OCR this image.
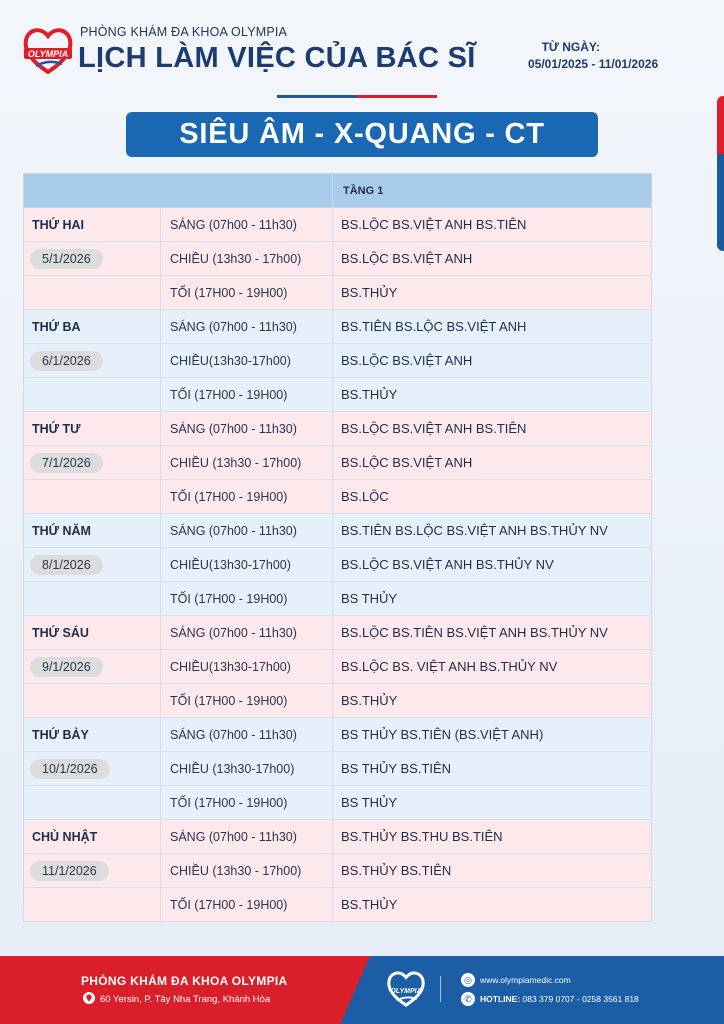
OLYMPIA
PHÒNG KHÁM ĐA KHOA OLYMPIA
LỊCH LÀM VIỆC CỦA BÁC SĨ	TỪ NGÀY:
05/01/2025 - 11/01/2026
SIÊU ÂM - X-QUANG - CT
TẦNG 1
THỨ HAI	SÁNG (07h00 - 11h30)	BS.LỘC BS.VIỆT ANH BS.TIÊN
5/1/2026	CHIỀU (13h30 - 17h00)	BS.LỘC BS.VIỆT ANH
TỐI (17H00 - 19H00)	BS.THỦY
THỨ BA	SÁNG (07h00 - 11h30)	BS.TIÊN BS.LỘC BS.VIỆT ANH
6/1/2026	CHIỀU(13h30-17h00)	BS.LỘC BS.VIỆT ANH
TỐI (17H00 - 19H00)	BS.THỦY
THỨ TƯ	SÁNG (07h00 - 11h30)	BS.LỘC BS.VIỆT ANH BS.TIÊN
7/1/2026	CHIỀU (13h30 - 17h00)	BS.LỘC BS.VIỆT ANH
TỐI (17H00 - 19H00)	BS.LỘC
THỨ NĂM	SÁNG (07h00 - 11h30)	BS.TIÊN BS.LỘC BS.VIỆT ANH BS.THỦY NV
8/1/2026	CHIỀU(13h30-17h00)	BS.LỘC BS.VIỆT ANH BS.THỦY NV
TỐI (17H00 - 19H00)	BS THỦY
THỨ SÁU	SÁNG (07h00 - 11h30)	BS.LỘC BS.TIÊN BS.VIỆT ANH BS.THỦY NV
9/1/2026	CHIỀU(13h30-17h00)	BS.LỘC BS. VIỆT ANH BS.THỦY NV
TỐI (17H00 - 19H00)	BS.THỦY
THỨ BẢY	SÁNG (07h00 - 11h30)	BS THỦY BS.TIÊN (BS.VIỆT ANH)
10/1/2026	CHIỀU (13h30-17h00)	BS THỦY BS.TIÊN
TỐI (17H00 - 19H00)	BS THỦY
CHỦ NHẬT	SÁNG (07h00 - 11h30)	BS.THỦY BS.THU BS.TIÊN
11/1/2026	CHIỀU (13h30 - 17h00)	BS.THỦY BS.TIÊN
TỐI (17H00 - 19H00)	BS.THỦY
PHÒNG KHÁM ĐA KHOA OLYMPIA
60 Yersin, P. Tây Nha Trang, Khánh Hòa
OLYMPIA
◎ www.olympiamedic.com
✆ HOTLINE: 083 379 0707 - 0258 3561 818
